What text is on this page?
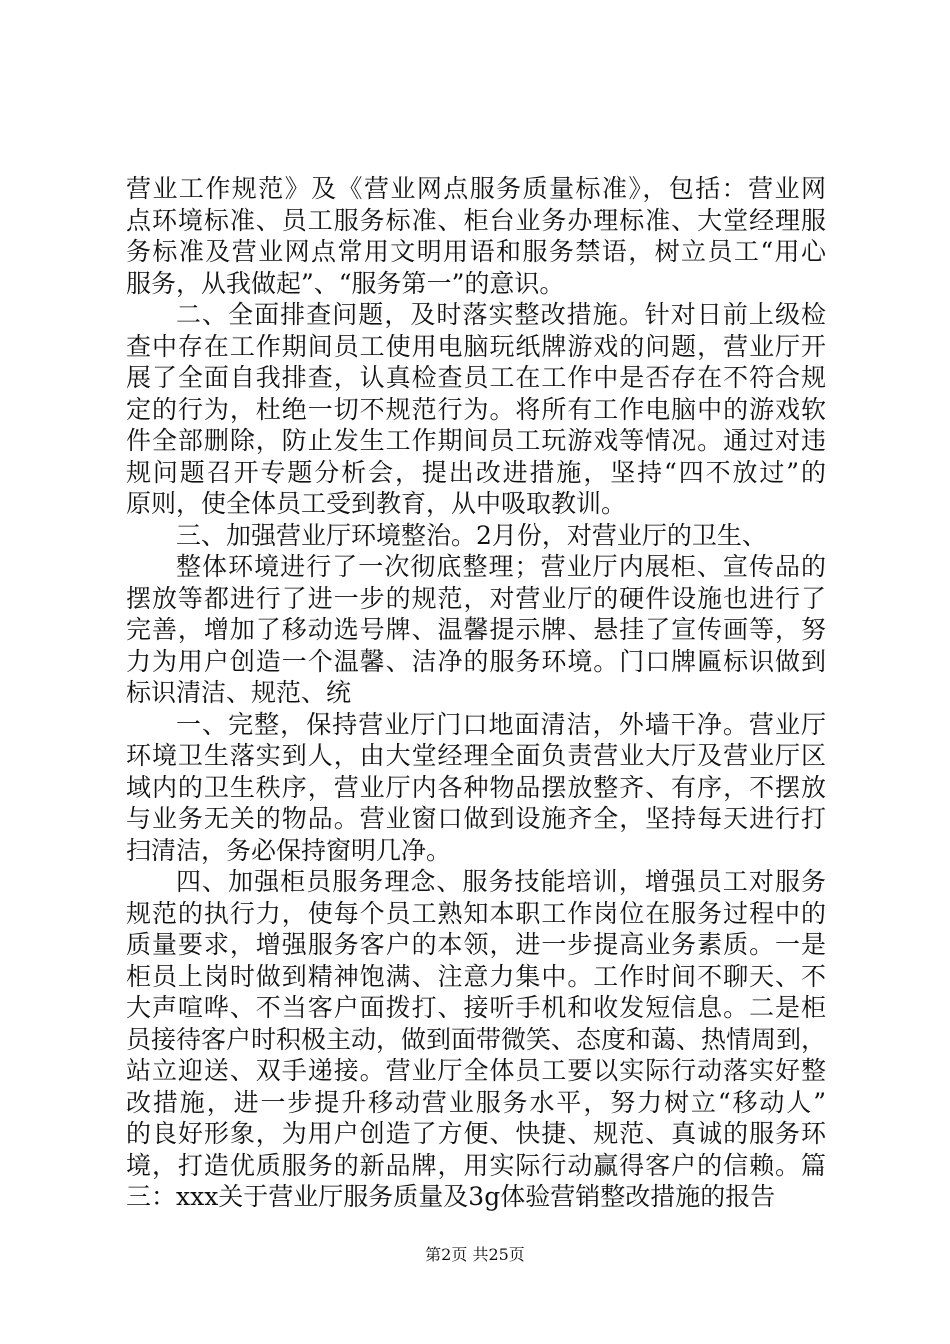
营业工作规范》及《营业网点服务质量标准》，包括：营业网
点环境标准、员工服务标准、柜台业务办理标准、大堂经理服
务标准及营业网点常用文明用语和服务禁语，树立员工“用心
服务，从我做起”、“服务第一”的意识。
二、全面排查问题，及时落实整改措施。针对日前上级检
查中存在工作期间员工使用电脑玩纸牌游戏的问题，营业厅开
展了全面自我排查，认真检查员工在工作中是否存在不符合规
定的行为，杜绝一切不规范行为。将所有工作电脑中的游戏软
件全部删除，防止发生工作期间员工玩游戏等情况。通过对违
规问题召开专题分析会，提出改进措施，坚持“四不放过”的
原则，使全体员工受到教育，从中吸取教训。
三、加强营业厅环境整治。2月份，对营业厅的卫生、
整体环境进行了一次彻底整理；营业厅内展柜、宣传品的
摆放等都进行了进一步的规范，对营业厅的硬件设施也进行了
完善，增加了移动选号牌、温馨提示牌、悬挂了宣传画等，努
力为用户创造一个温馨、洁净的服务环境。门口牌匾标识做到
标识清洁、规范、统
一、完整，保持营业厅门口地面清洁，外墙干净。营业厅
环境卫生落实到人，由大堂经理全面负责营业大厅及营业厅区
域内的卫生秩序，营业厅内各种物品摆放整齐、有序，不摆放
与业务无关的物品。营业窗口做到设施齐全，坚持每天进行打
扫清洁，务必保持窗明几净。
四、加强柜员服务理念、服务技能培训，增强员工对服务
规范的执行力，使每个员工熟知本职工作岗位在服务过程中的
质量要求，增强服务客户的本领，进一步提高业务素质。一是
柜员上岗时做到精神饱满、注意力集中。工作时间不聊天、不
大声喧哗、不当客户面拨打、接听手机和收发短信息。二是柜
员接待客户时积极主动，做到面带微笑、态度和蔼、热情周到，
站立迎送、双手递接。营业厅全体员工要以实际行动落实好整
改措施，进一步提升移动营业服务水平，努力树立“移动人”
的良好形象，为用户创造了方便、快捷、规范、真诚的服务环
境，打造优质服务的新品牌，用实际行动赢得客户的信赖。篇
三：xxx关于营业厅服务质量及3g体验营销整改措施的报告
第2页 共25页
